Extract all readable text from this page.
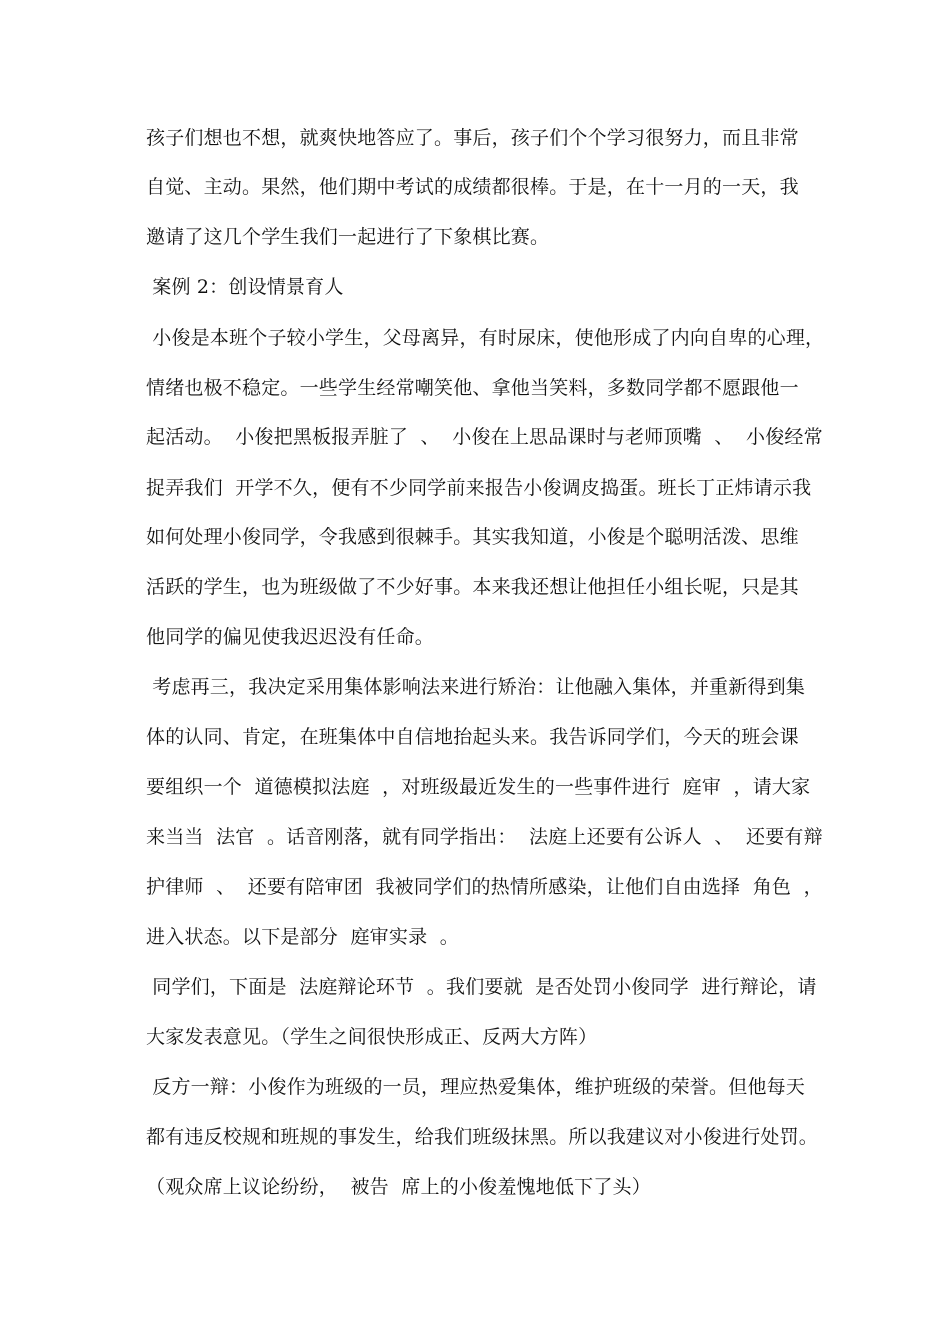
孩子们想也不想，就爽快地答应了。事后，孩子们个个学习很努力，而且非常
自觉、主动。果然，他们期中考试的成绩都很棒。于是，在十一月的一天，我
邀请了这几个学生我们一起进行了下象棋比赛。
案例 2：创设情景育人
小俊是本班个子较小学生，父母离异，有时尿床，使他形成了内向自卑的心理，
情绪也极不稳定。一些学生经常嘲笑他、拿他当笑料，多数同学都不愿跟他一
起活动。  小俊把黑板报弄脏了  、  小俊在上思品课时与老师顶嘴  、  小俊经常
捉弄我们  开学不久，便有不少同学前来报告小俊调皮捣蛋。班长丁正炜请示我
如何处理小俊同学，令我感到很棘手。其实我知道，小俊是个聪明活泼、思维
活跃的学生，也为班级做了不少好事。本来我还想让他担任小组长呢，只是其
他同学的偏见使我迟迟没有任命。
考虑再三，我决定采用集体影响法来进行矫治：让他融入集体，并重新得到集
体的认同、肯定，在班集体中自信地抬起头来。我告诉同学们，今天的班会课
要组织一个  道德模拟法庭  ，对班级最近发生的一些事件进行  庭审  ，请大家
来当当  法官  。话音刚落，就有同学指出：  法庭上还要有公诉人  、  还要有辩
护律师  、  还要有陪审团  我被同学们的热情所感染，让他们自由选择  角色  ，
进入状态。以下是部分  庭审实录  。
同学们，下面是  法庭辩论环节  。我们要就  是否处罚小俊同学  进行辩论，请
大家发表意见。（学生之间很快形成正、反两大方阵）
反方一辩：小俊作为班级的一员，理应热爱集体，维护班级的荣誉。但他每天
都有违反校规和班规的事发生，给我们班级抹黑。所以我建议对小俊进行处罚。
（观众席上议论纷纷，  被告  席上的小俊羞愧地低下了头）
